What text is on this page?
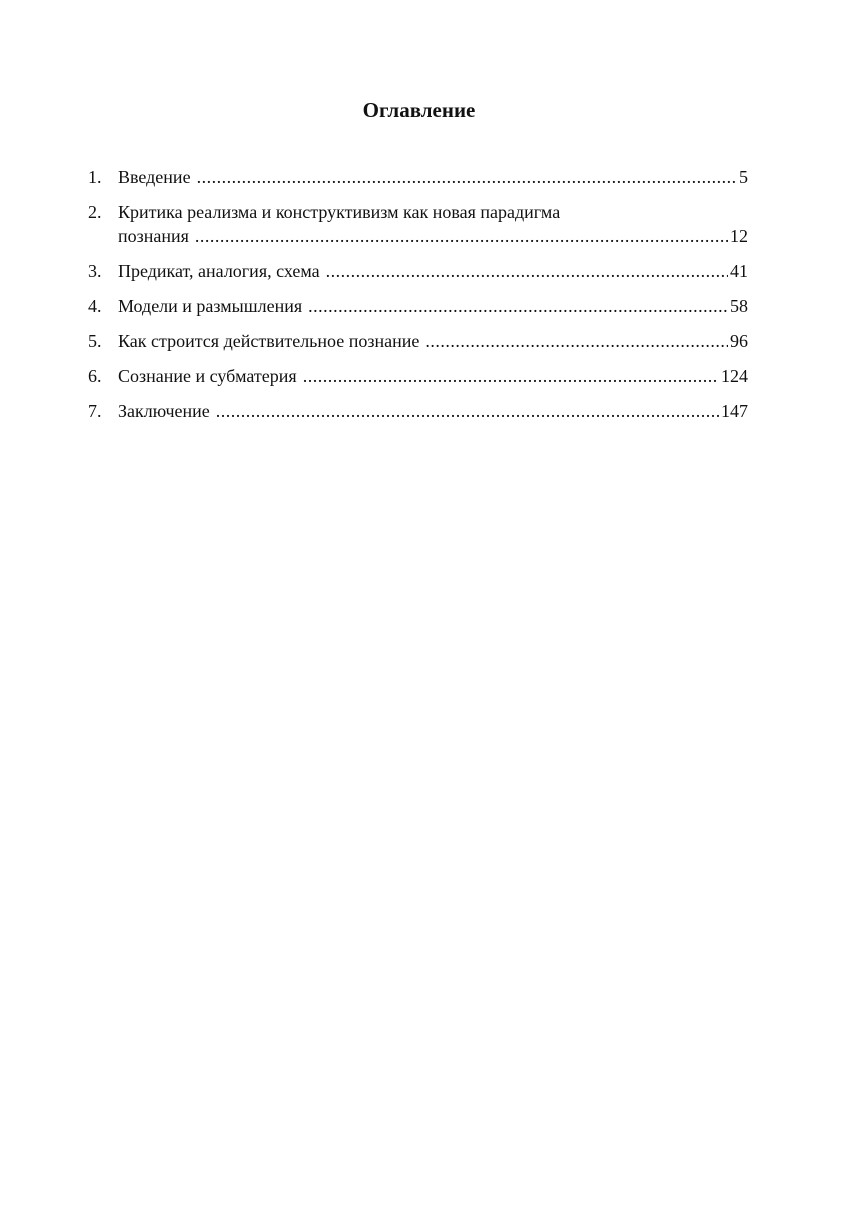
Оглавление
1. Введение .....	5
2. Критика реализма и конструктивизм как новая парадигма
познания .....	12
3. Предикат, аналогия, схема .....	41
4. Модели и размышления .....	58
5. Как строится действительное познание .....	96
6. Сознание и субматерия .....	124
7. Заключение .....	147
